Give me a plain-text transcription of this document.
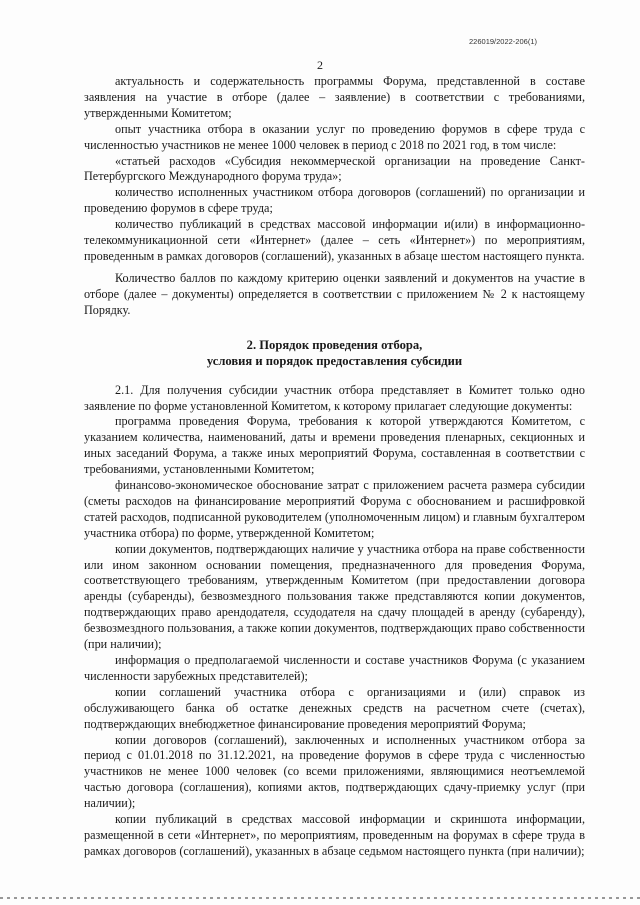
226019/2022-206(1)
2

актуальность и содержательность программы Форума, представленной в составе заявления на участие в отборе (далее – заявление) в соответствии с требованиями, утвержденными Комитетом;

опыт участника отбора в оказании услуг по проведению форумов в сфере труда с численностью участников не менее 1000 человек в период с 2018 по 2021 год, в том числе:

«статьей расходов «Субсидия некоммерческой организации на проведение Санкт-Петербургского Международного форума труда»;

количество исполненных участником отбора договоров (соглашений) по организации и проведению форумов в сфере труда;

количество публикаций в средствах массовой информации и(или) в информационно-телекоммуникационной сети «Интернет» (далее – сеть «Интернет») по мероприятиям, проведенным в рамках договоров (соглашений), указанных в абзаце шестом настоящего пункта.

Количество баллов по каждому критерию оценки заявлений и документов на участие в отборе (далее – документы) определяется в соответствии с приложением № 2 к настоящему Порядку.

2. Порядок проведения отбора,
условия и порядок предоставления субсидии

2.1. Для получения субсидии участник отбора представляет в Комитет только одно заявление по форме установленной Комитетом, к которому прилагает следующие документы:

программа проведения Форума, требования к которой утверждаются Комитетом, с указанием количества, наименований, даты и времени проведения пленарных, секционных и иных заседаний Форума, а также иных мероприятий Форума, составленная в соответствии с требованиями, установленными Комитетом;

финансово-экономическое обоснование затрат с приложением расчета размера субсидии (сметы расходов на финансирование мероприятий Форума с обоснованием и расшифровкой статей расходов, подписанной руководителем (уполномоченным лицом) и главным бухгалтером участника отбора) по форме, утвержденной Комитетом;

копии документов, подтверждающих наличие у участника отбора на праве собственности или ином законном основании помещения, предназначенного для проведения Форума, соответствующего требованиям, утвержденным Комитетом (при предоставлении договора аренды (субаренды), безвозмездного пользования также представляются копии документов, подтверждающих право арендодателя, ссудодателя на сдачу площадей в аренду (субаренду), безвозмездного пользования, а также копии документов, подтверждающих право собственности (при наличии);

информация о предполагаемой численности и составе участников Форума (с указанием численности зарубежных представителей);

копии соглашений участника отбора с организациями и (или) справок из обслуживающего банка об остатке денежных средств на расчетном счете (счетах), подтверждающих внебюджетное финансирование проведения мероприятий Форума;

копии договоров (соглашений), заключенных и исполненных участником отбора за период с 01.01.2018 по 31.12.2021, на проведение форумов в сфере труда с численностью участников не менее 1000 человек (со всеми приложениями, являющимися неотъемлемой частью договора (соглашения), копиями актов, подтверждающих сдачу-приемку услуг (при наличии);

копии публикаций в средствах массовой информации и скриншота информации, размещенной в сети «Интернет», по мероприятиям, проведенным на форумах в сфере труда в рамках договоров (соглашений), указанных в абзаце седьмом настоящего пункта (при наличии);
